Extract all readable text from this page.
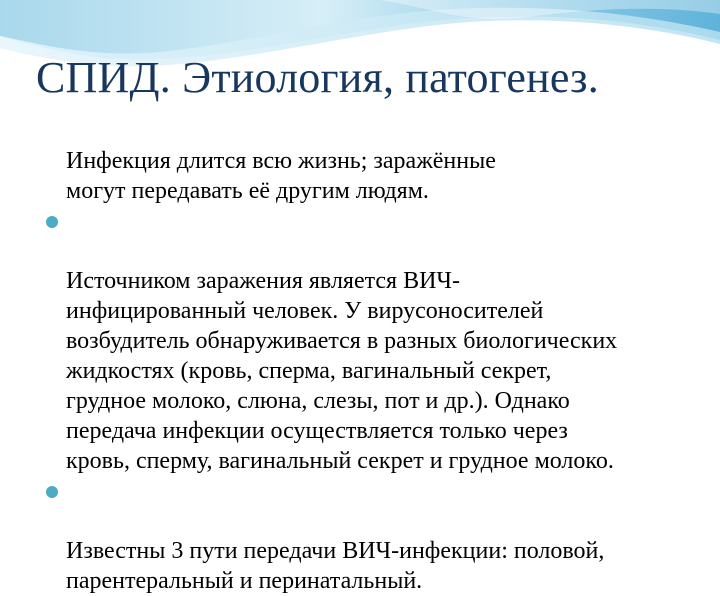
СПИД. Этиология, патогенез.

Инфекция длится всю жизнь; заражённые
могут передавать её другим людям.

Источником заражения является ВИЧ-
инфицированный человек. У вирусоносителей
возбудитель обнаруживается в разных биологических
жидкостях (кровь, сперма, вагинальный секрет,
грудное молоко, слюна, слезы, пот и др.). Однако
передача инфекции осуществляется только через
кровь, сперму, вагинальный секрет и грудное молоко.

Известны 3 пути передачи ВИЧ-инфекции: половой,
парентеральный и перинатальный.
